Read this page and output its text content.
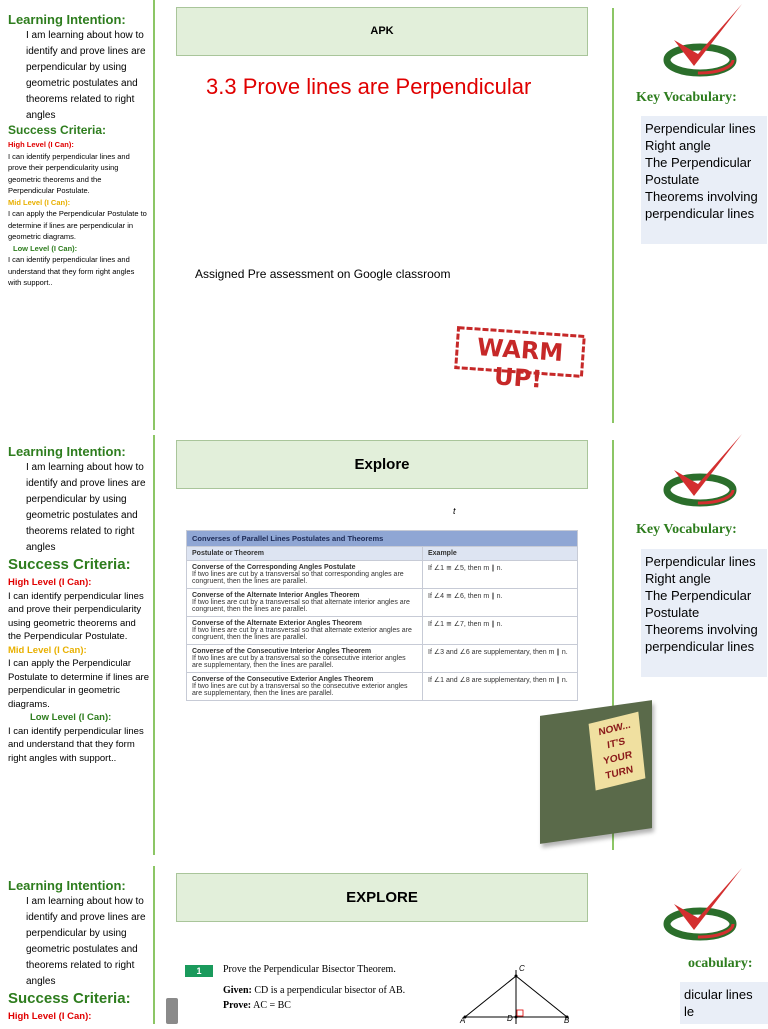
Learning Intention:
I am learning about how to identify and prove lines are perpendicular by using geometric postulates and theorems related to right angles
Success Criteria:
High Level (I Can):
I can identify perpendicular lines and prove their perpendicularity using geometric theorems and the Perpendicular Postulate.
Mid Level (I Can):
I can apply the Perpendicular Postulate to determine if lines are perpendicular in geometric diagrams.
Low Level (I Can):
I can identify perpendicular lines and understand that they form right angles with support..
APK
3.3 Prove lines are Perpendicular
Assigned Pre assessment on Google classroom
WARM UP!
Key Vocabulary:
Perpendicular lines
Right angle
The Perpendicular Postulate
Theorems involving perpendicular lines
Learning Intention:
I am learning about how to identify and prove lines are perpendicular by using geometric postulates and theorems related to right angles
Success Criteria:
High Level (I Can):
I can identify perpendicular lines and prove their perpendicularity using geometric theorems and the Perpendicular Postulate.
Mid Level (I Can):
I can apply the Perpendicular Postulate to determine if lines are perpendicular in geometric diagrams.
Low Level (I Can):
I can identify perpendicular lines and understand that they form right angles with support..
Explore
t
Converses of Parallel Lines Postulates and Theorems	
Postulate or Theorem	Example

Converse of the Corresponding Angles Postulate
If two lines are cut by a transversal so that corresponding angles are congruent, then the lines are parallel.	If ∠1 ≅ ∠5, then m ∥ n.

Converse of the Alternate Interior Angles Theorem
If two lines are cut by a transversal so that alternate interior angles are congruent, then the lines are parallel.	If ∠4 ≅ ∠6, then m ∥ n.

Converse of the Alternate Exterior Angles Theorem
If two lines are cut by a transversal so that alternate exterior angles are congruent, then the lines are parallel.	If ∠1 ≅ ∠7, then m ∥ n.

Converse of the Consecutive Interior Angles Theorem
If two lines are cut by a transversal so the consecutive interior angles are supplementary, then the lines are parallel.	If ∠3 and ∠6 are supplementary, then m ∥ n.

Converse of the Consecutive Exterior Angles Theorem
If two lines are cut by a transversal so the consecutive exterior angles are supplementary, then the lines are parallel.	If ∠1 and ∠8 are supplementary, then m ∥ n.
NOW... IT'S YOUR TURN
Key Vocabulary:
Perpendicular lines
Right angle
The Perpendicular Postulate
Theorems involving perpendicular lines
Learning Intention:
I am learning about how to identify and prove lines are perpendicular by using geometric postulates and theorems related to right angles
Success Criteria:
High Level (I Can):
EXPLORE
1	Prove the Perpendicular Bisector Theorem.
Given: CD is a perpendicular bisector of AB.
Prove: AC = BC
C
A	D	B
ocabulary:
dicular lines
le
